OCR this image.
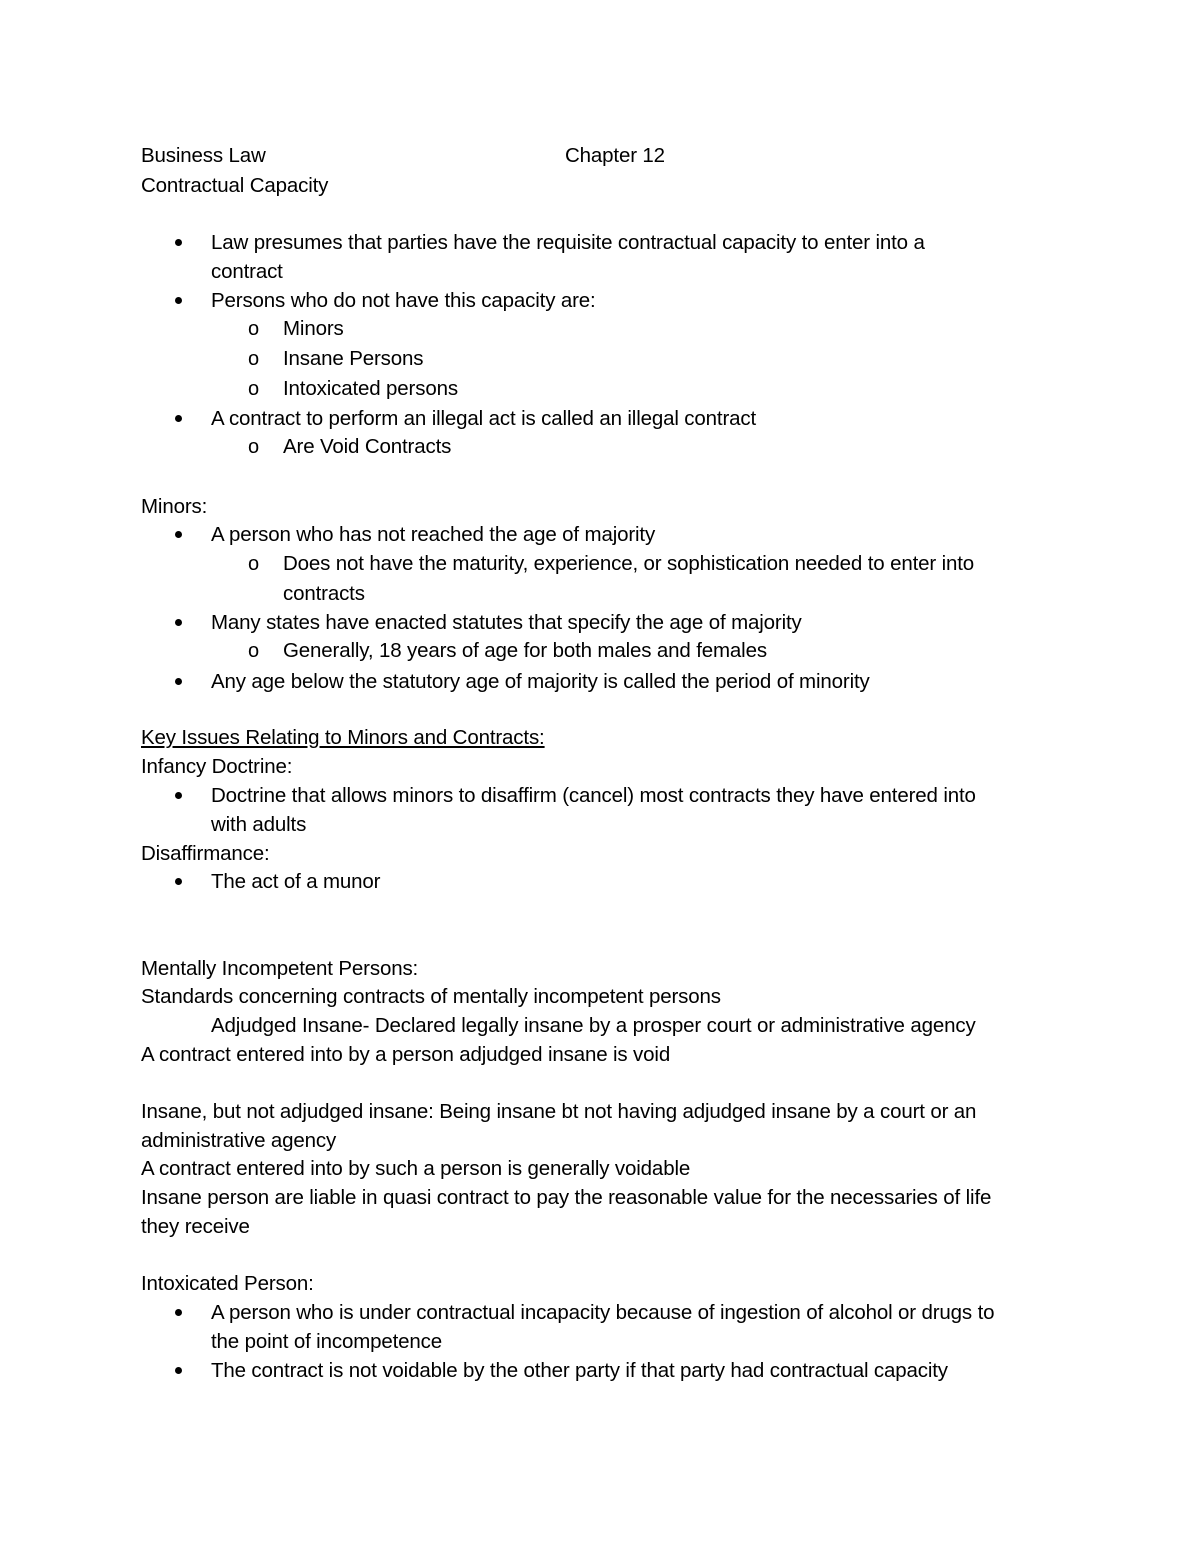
Business Law	Chapter 12
Contractual Capacity
Law presumes that parties have the requisite contractual capacity to enter into a
contract
Persons who do not have this capacity are:
o Minors
o Insane Persons
o Intoxicated persons
A contract to perform an illegal act is called an illegal contract
o Are Void Contracts
Minors:
A person who has not reached the age of majority
o Does not have the maturity, experience, or sophistication needed to enter into
contracts
Many states have enacted statutes that specify the age of majority
o Generally, 18 years of age for both males and females
Any age below the statutory age of majority is called the period of minority
Key Issues Relating to Minors and Contracts:
Infancy Doctrine:
Doctrine that allows minors to disaffirm (cancel) most contracts they have entered into
with adults
Disaffirmance:
The act of a munor
Mentally Incompetent Persons:
Standards concerning contracts of mentally incompetent persons
Adjudged Insane- Declared legally insane by a prosper court or administrative agency
A contract entered into by a person adjudged insane is void
Insane, but not adjudged insane: Being insane bt not having adjudged insane by a court or an
administrative agency
A contract entered into by such a person is generally voidable
Insane person are liable in quasi contract to pay the reasonable value for the necessaries of life
they receive
Intoxicated Person:
A person who is under contractual incapacity because of ingestion of alcohol or drugs to
the point of incompetence
The contract is not voidable by the other party if that party had contractual capacity
